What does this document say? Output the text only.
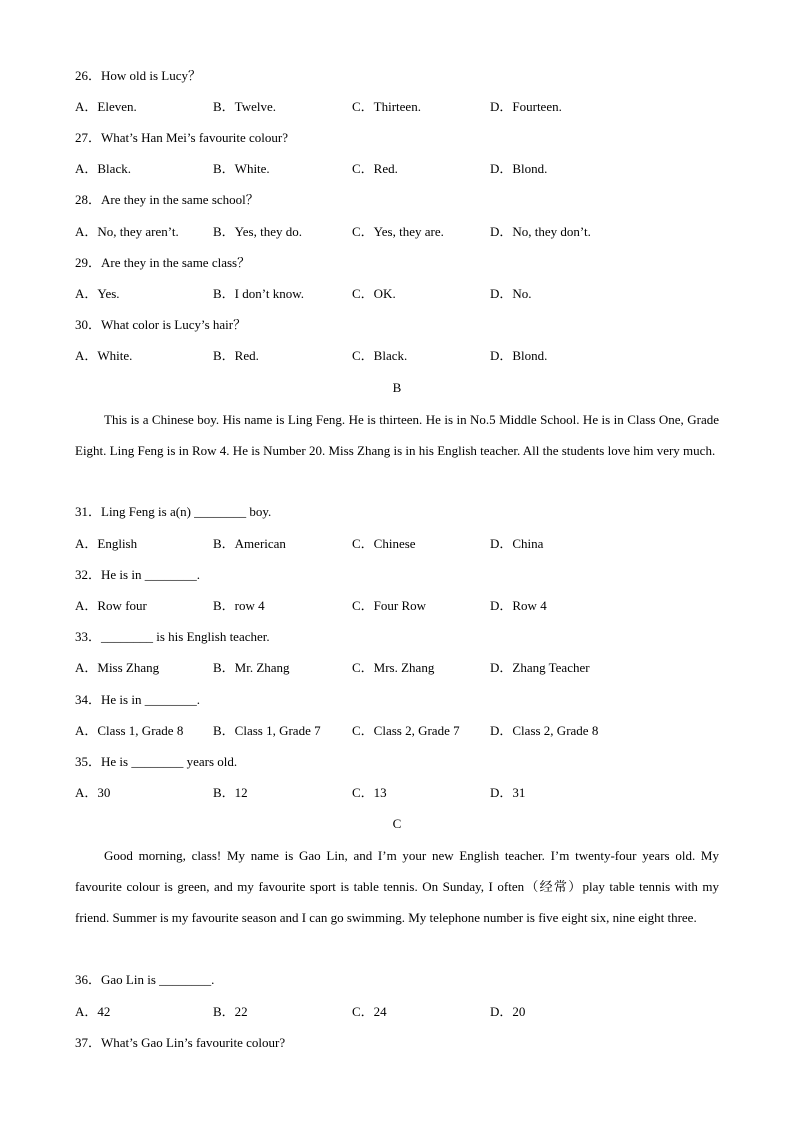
26．How old is Lucy？
A．Eleven.	B．Twelve.	C．Thirteen.	D．Fourteen.
27．What’s Han Mei’s favourite colour?
A．Black.	B．White.	C．Red.	D．Blond.
28．Are they in the same school？
A．No, they aren’t.	B．Yes, they do.	C．Yes, they are.	D．No, they don’t.
29．Are they in the same class？
A．Yes.	B．I don’t know.	C．OK.	D．No.
30．What color is Lucy’s hair？
A．White.	B．Red.	C．Black.	D．Blond.
B
This is a Chinese boy. His name is Ling Feng. He is thirteen. He is in No.5 Middle School. He is in Class One, Grade Eight. Ling Feng is in Row 4. He is Number 20. Miss Zhang is in his English teacher. All the students love him very much.
31．Ling Feng is a(n) ________ boy.
A．English	B．American	C．Chinese	D．China
32．He is in ________.
A．Row four	B．row 4	C．Four Row	D．Row 4
33．________ is his English teacher.
A．Miss Zhang	B．Mr. Zhang	C．Mrs. Zhang	D．Zhang Teacher
34．He is in ________.
A．Class 1, Grade 8 B．Class 1, Grade 7 C．Class 2, Grade 7 D．Class 2, Grade 8
35．He is ________ years old.
A．30	B．12	C．13	D．31
C
Good morning, class! My name is Gao Lin, and I’m your new English teacher. I’m twenty-four years old. My favourite colour is green, and my favourite sport is table tennis. On Sunday, I often（经常）play table tennis with my friend. Summer is my favourite season and I can go swimming. My telephone number is five eight six, nine eight three.
36．Gao Lin is ________.
A．42	B．22	C．24	D．20
37．What’s Gao Lin’s favourite colour?
